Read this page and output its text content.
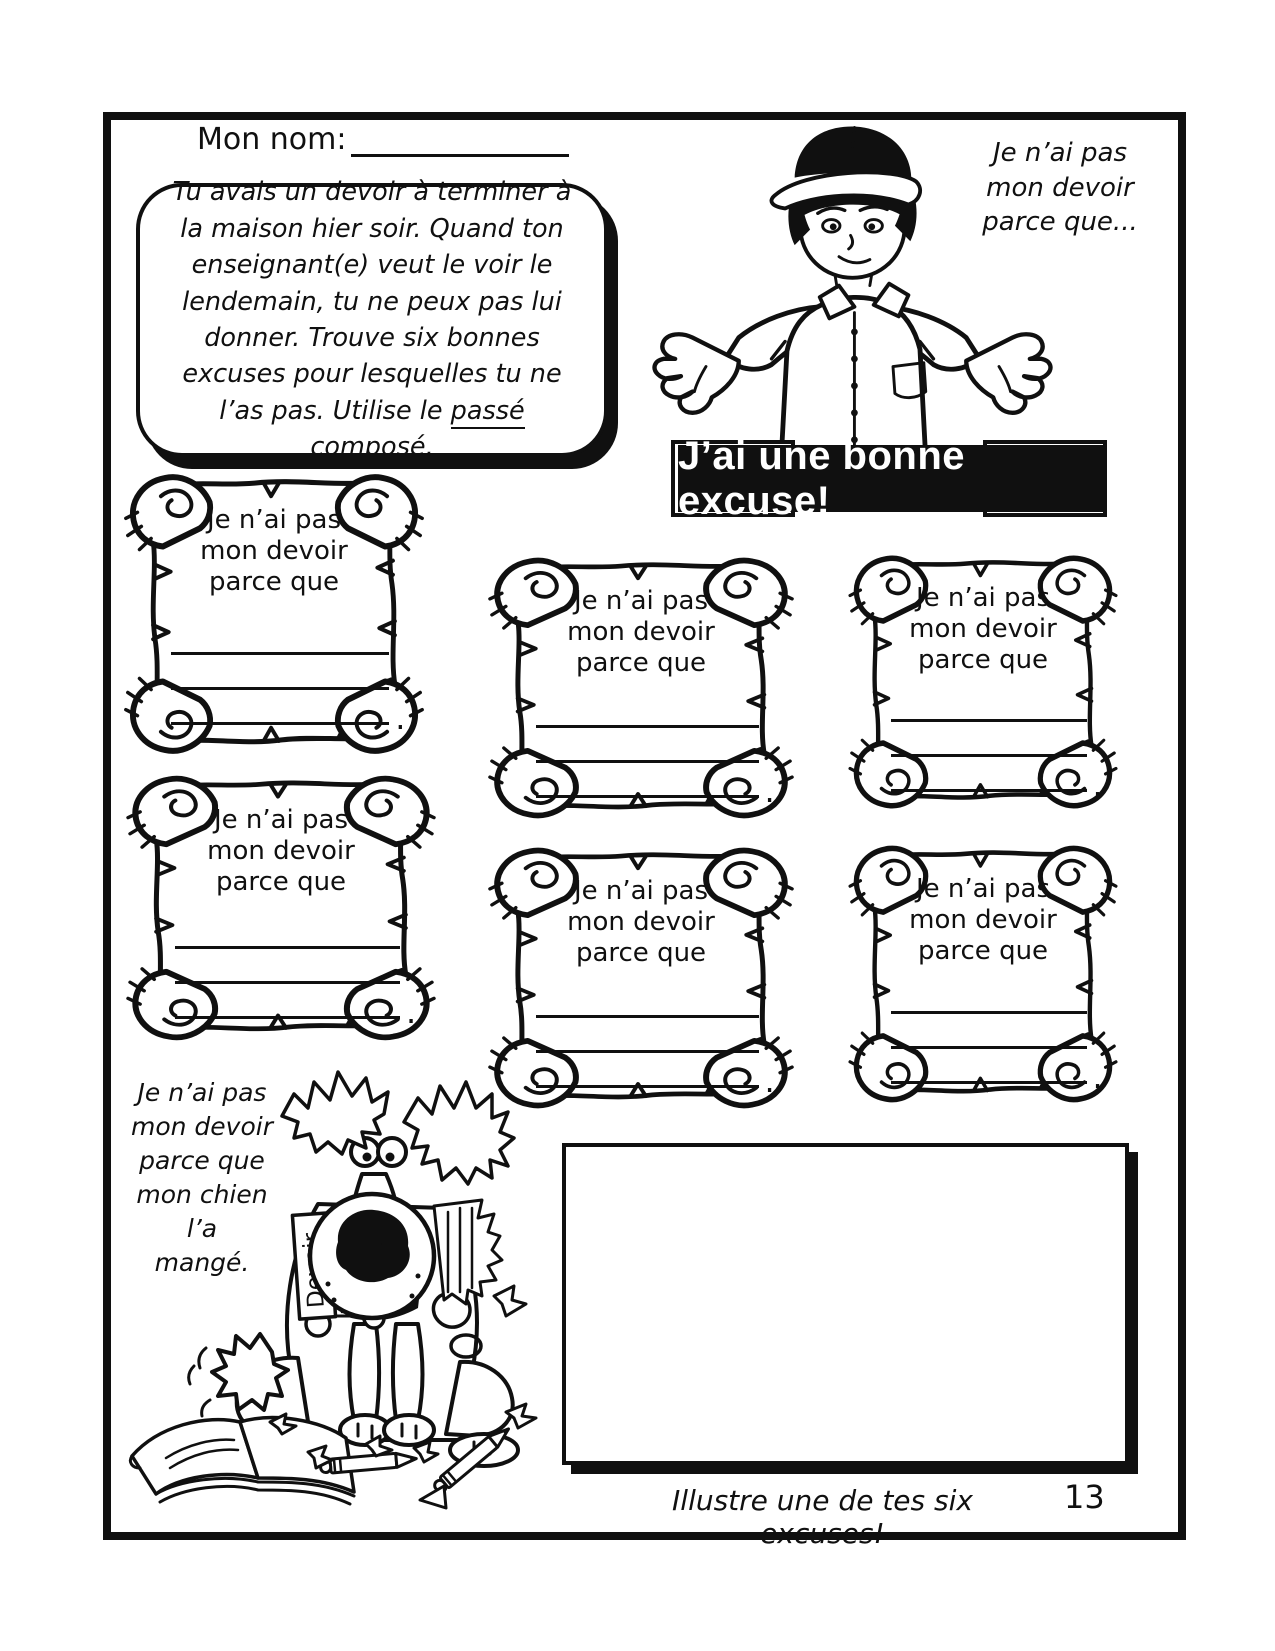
Mon nom:

Tu avais un devoir à terminer à la maison hier soir. Quand ton enseignant(e) veut le voir le lendemain, tu ne peux pas lui donner. Trouve six bonnes excuses pour lesquelles tu ne l’as pas. Utilise le passé composé.

Je n’ai pas
mon devoir
parce que...
J’ai une bonne excuse!
Je n’ai pas
mon devoir
parce que
.
Je n’ai pas
mon devoir
parce que
.
Je n’ai pas
mon devoir
parce que
.
Je n’ai pas
mon devoir
parce que
.
Je n’ai pas
mon devoir
parce que
.
Je n’ai pas
mon devoir
parce que
.
Je n’ai pas
mon devoir
parce que
mon chien l’a
mangé.
Illustre une de tes six excuses!
13
